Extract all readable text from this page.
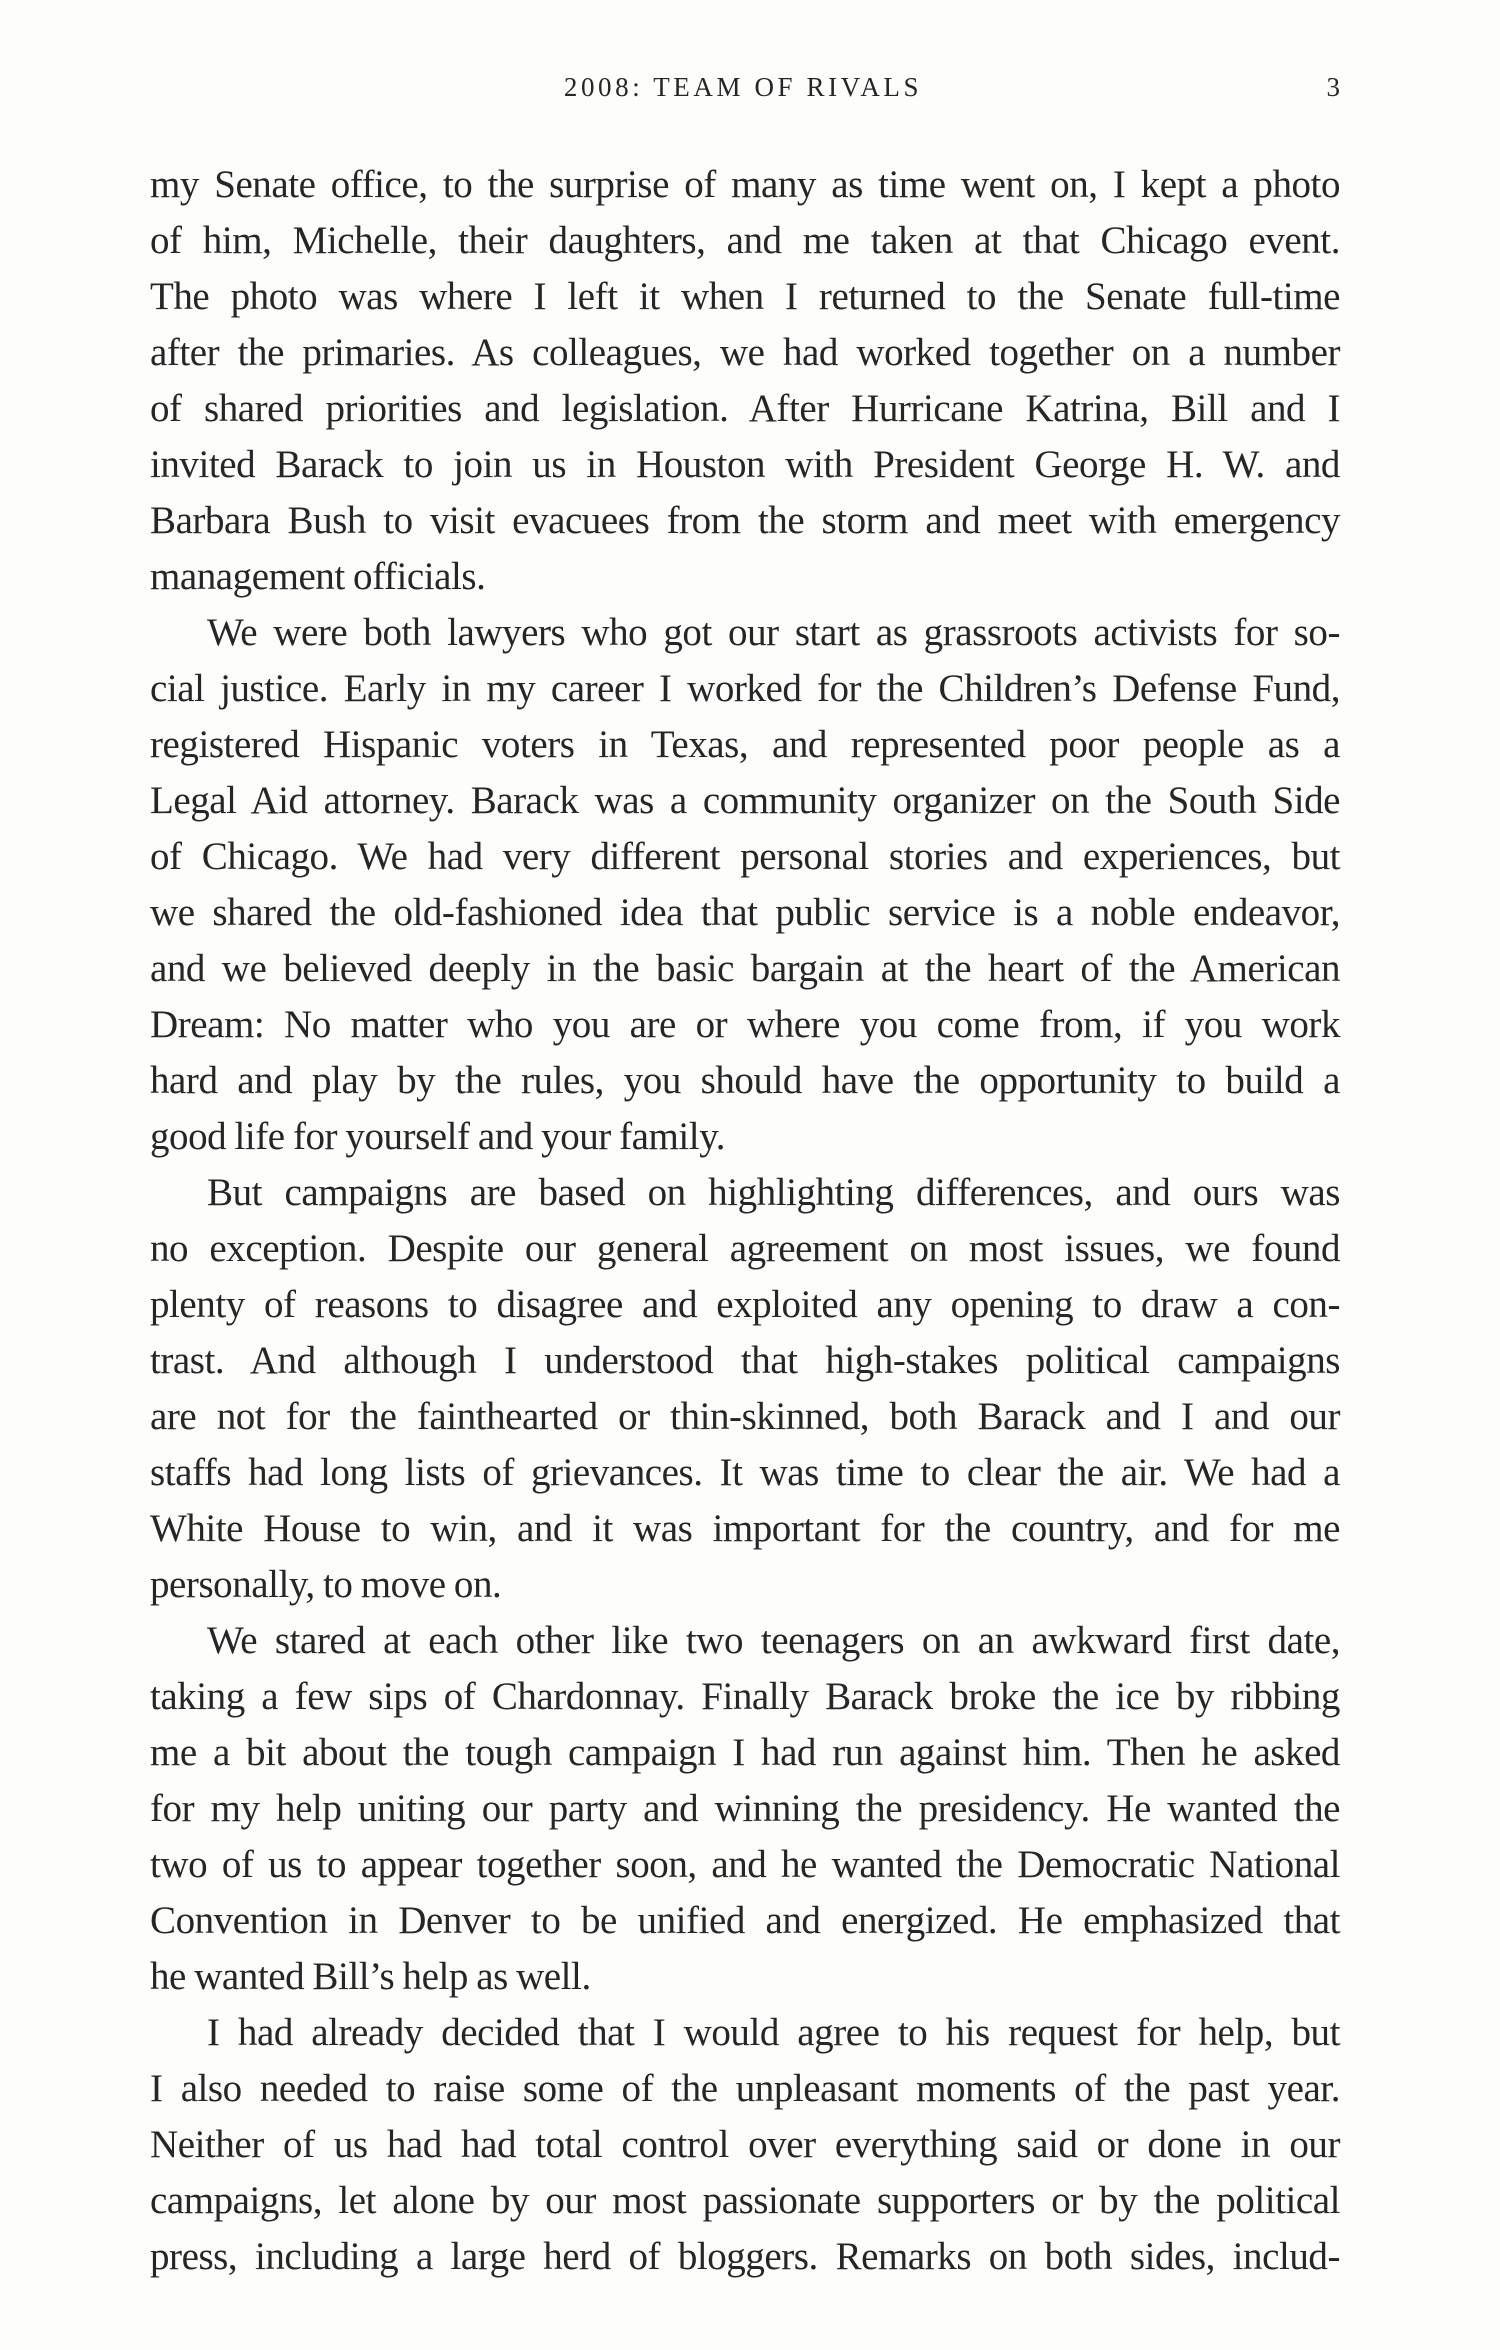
2008: TEAM OF RIVALS	3
my Senate office, to the surprise of many as time went on, I kept a photo
of him, Michelle, their daughters, and me taken at that Chicago event.
The photo was where I left it when I returned to the Senate full-time
after the primaries. As colleagues, we had worked together on a number
of shared priorities and legislation. After Hurricane Katrina, Bill and I
invited Barack to join us in Houston with President George H. W. and
Barbara Bush to visit evacuees from the storm and meet with emergency
management officials.
We were both lawyers who got our start as grassroots activists for so-
cial justice. Early in my career I worked for the Children’s Defense Fund,
registered Hispanic voters in Texas, and represented poor people as a
Legal Aid attorney. Barack was a community organizer on the South Side
of Chicago. We had very different personal stories and experiences, but
we shared the old-fashioned idea that public service is a noble endeavor,
and we believed deeply in the basic bargain at the heart of the American
Dream: No matter who you are or where you come from, if you work
hard and play by the rules, you should have the opportunity to build a
good life for yourself and your family.
But campaigns are based on highlighting differences, and ours was
no exception. Despite our general agreement on most issues, we found
plenty of reasons to disagree and exploited any opening to draw a con-
trast. And although I understood that high-stakes political campaigns
are not for the fainthearted or thin-skinned, both Barack and I and our
staffs had long lists of grievances. It was time to clear the air. We had a
White House to win, and it was important for the country, and for me
personally, to move on.
We stared at each other like two teenagers on an awkward first date,
taking a few sips of Chardonnay. Finally Barack broke the ice by ribbing
me a bit about the tough campaign I had run against him. Then he asked
for my help uniting our party and winning the presidency. He wanted the
two of us to appear together soon, and he wanted the Democratic National
Convention in Denver to be unified and energized. He emphasized that
he wanted Bill’s help as well.
I had already decided that I would agree to his request for help, but
I also needed to raise some of the unpleasant moments of the past year.
Neither of us had had total control over everything said or done in our
campaigns, let alone by our most passionate supporters or by the political
press, including a large herd of bloggers. Remarks on both sides, includ-
